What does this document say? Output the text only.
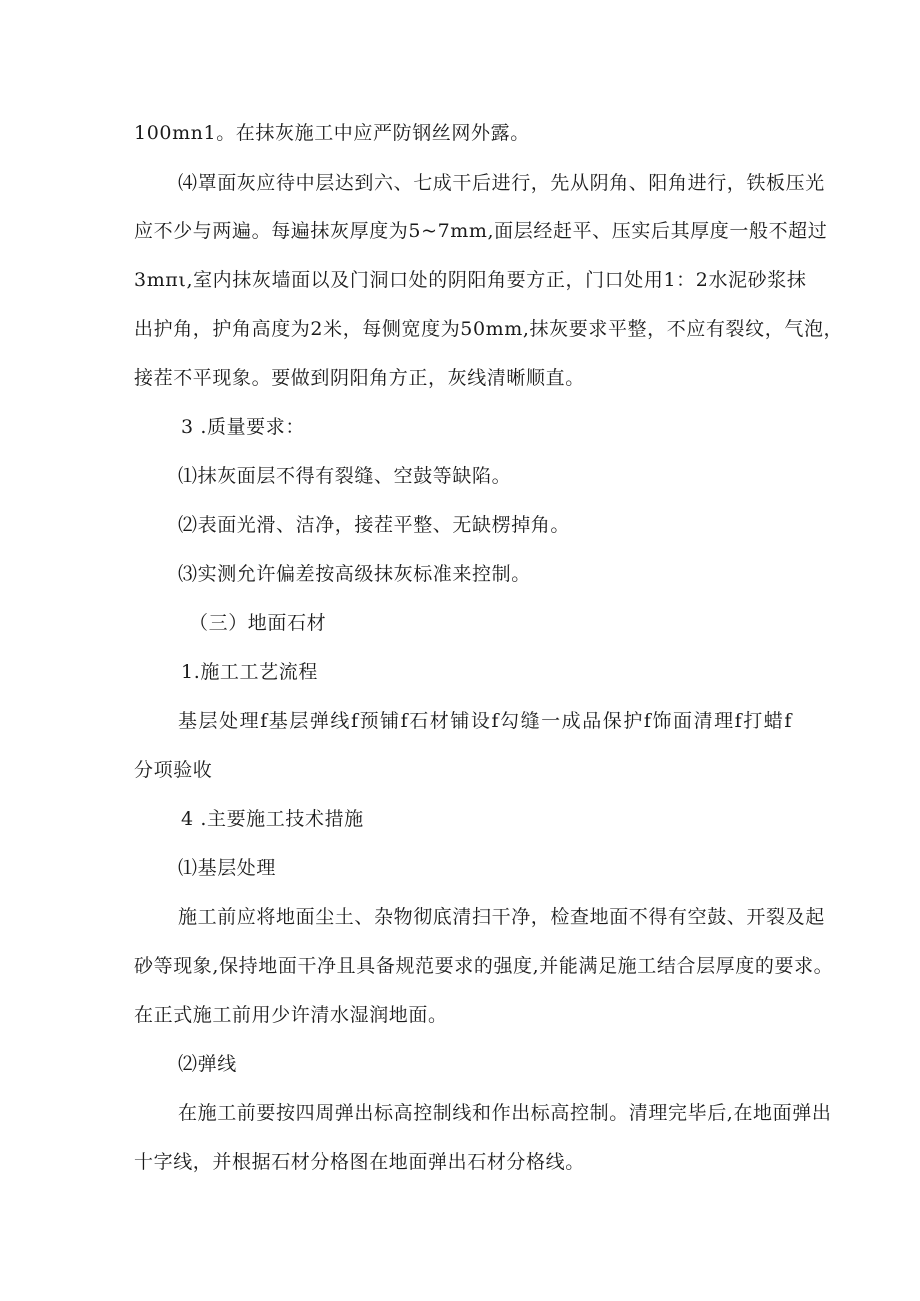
100mn1。在抹灰施工中应严防钢丝网外露。
⑷罩面灰应待中层达到六、七成干后进行，先从阴角、阳角进行，铁板压光
应不少与两遍。每遍抹灰厚度为5~7mm,面层经赶平、压实后其厚度一般不超过
3mπι,室内抹灰墙面以及门洞口处的阴阳角要方正，门口处用1：2水泥砂浆抹
出护角，护角高度为2米，每侧宽度为50mm,抹灰要求平整，不应有裂纹，气泡，
接茬不平现象。要做到阴阳角方正，灰线清晰顺直。
3 .质量要求：
⑴抹灰面层不得有裂缝、空鼓等缺陷。
⑵表面光滑、洁净，接茬平整、无缺楞掉角。
⑶实测允许偏差按高级抹灰标准来控制。
（三）地面石材
1.施工工艺流程
基层处理f基层弹线f预铺f石材铺设f勾缝一成品保护f饰面清理f打蜡f
分项验收
4 .主要施工技术措施
⑴基层处理
施工前应将地面尘土、杂物彻底清扫干净，检查地面不得有空鼓、开裂及起
砂等现象,保持地面干净且具备规范要求的强度,并能满足施工结合层厚度的要求。
在正式施工前用少许清水湿润地面。
⑵弹线
在施工前要按四周弹出标高控制线和作出标高控制。清理完毕后,在地面弹出
十字线，并根据石材分格图在地面弹出石材分格线。
